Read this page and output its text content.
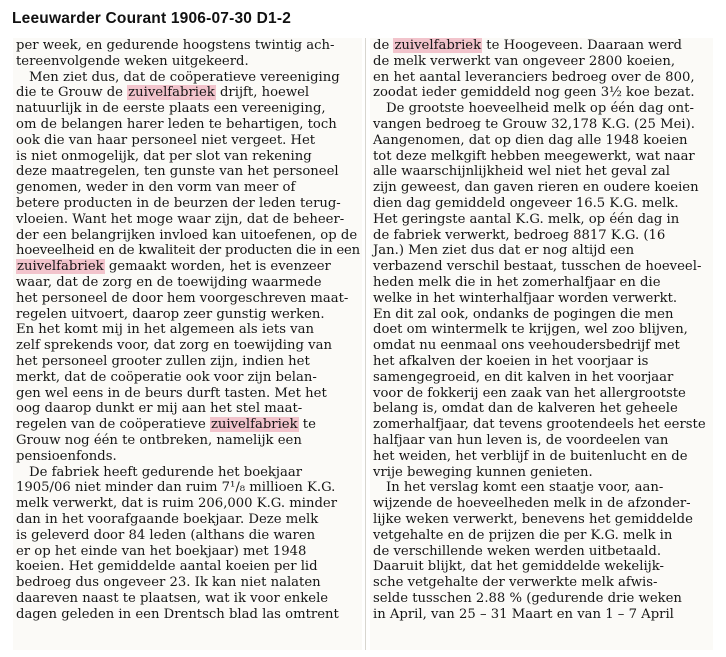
Leeuwarder Courant 1906-07-30 D1-2
per week, en gedurende hoogstens twintig ach-
tereenvolgende weken uitgekeerd.
Men ziet dus, dat de coöperatieve vereeniging
die te Grouw de zuivelfabriek drijft, hoewel
natuurlijk in de eerste plaats een vereeniging,
om de belangen harer leden te behartigen, toch
ook die van haar personeel niet vergeet. Het
is niet onmogelijk, dat per slot van rekening
deze maatregelen, ten gunste van het personeel
genomen, weder in den vorm van meer of
betere producten in de beurzen der leden terug-
vloeien. Want het moge waar zijn, dat de beheer-
der een belangrijken invloed kan uitoefenen, op de
hoeveelheid en de kwaliteit der producten die in een
zuivelfabriek gemaakt worden, het is evenzeer
waar, dat de zorg en de toewijding waarmede
het personeel de door hem voorgeschreven maat-
regelen uitvoert, daarop zeer gunstig werken.
En het komt mij in het algemeen als iets van
zelf sprekends voor, dat zorg en toewijding van
het personeel grooter zullen zijn, indien het
merkt, dat de coöperatie ook voor zijn belan-
gen wel eens in de beurs durft tasten. Met het
oog daarop dunkt er mij aan het stel maat-
regelen van de coöperatieve zuivelfabriek te
Grouw nog één te ontbreken, namelijk een
pensioenfonds.
De fabriek heeft gedurende het boekjaar
1905/06 niet minder dan ruim 7¹/₈ millioen K.G.
melk verwerkt, dat is ruim 206,000 K.G. minder
dan in het voorafgaande boekjaar. Deze melk
is geleverd door 84 leden (althans die waren
er op het einde van het boekjaar) met 1948
koeien. Het gemiddelde aantal koeien per lid
bedroeg dus ongeveer 23. Ik kan niet nalaten
daareven naast te plaatsen, wat ik voor enkele
dagen geleden in een Drentsch blad las omtrent
de zuivelfabriek te Hoogeveen. Daaraan werd
de melk verwerkt van ongeveer 2800 koeien,
en het aantal leveranciers bedroeg over de 800,
zoodat ieder gemiddeld nog geen 3½ koe bezat.
De grootste hoeveelheid melk op één dag ont-
vangen bedroeg te Grouw 32,178 K.G. (25 Mei).
Aangenomen, dat op dien dag alle 1948 koeien
tot deze melkgift hebben meegewerkt, wat naar
alle waarschijnlijkheid wel niet het geval zal
zijn geweest, dan gaven rieren en oudere koeien
dien dag gemiddeld ongeveer 16.5 K.G. melk.
Het geringste aantal K.G. melk, op één dag in
de fabriek verwerkt, bedroeg 8817 K.G. (16
Jan.) Men ziet dus dat er nog altijd een
verbazend verschil bestaat, tusschen de hoeveel-
heden melk die in het zomerhalfjaar en die
welke in het winterhalfjaar worden verwerkt.
En dit zal ook, ondanks de pogingen die men
doet om wintermelk te krijgen, wel zoo blijven,
omdat nu eenmaal ons veehoudersbedrijf met
het afkalven der koeien in het voorjaar is
samengegroeid, en dit kalven in het voorjaar
voor de fokkerij een zaak van het allergrootste
belang is, omdat dan de kalveren het geheele
zomerhalfjaar, dat tevens grootendeels het eerste
halfjaar van hun leven is, de voordeelen van
het weiden, het verblijf in de buitenlucht en de
vrije beweging kunnen genieten.
In het verslag komt een staatje voor, aan-
wijzende de hoeveelheden melk in de afzonder-
lijke weken verwerkt, benevens het gemiddelde
vetgehalte en de prijzen die per K.G. melk in
de verschillende weken werden uitbetaald.
Daaruit blijkt, dat het gemiddelde wekelijk-
sche vetgehalte der verwerkte melk afwis-
selde tusschen 2.88 % (gedurende drie weken
in April, van 25 – 31 Maart en van 1 – 7 April
